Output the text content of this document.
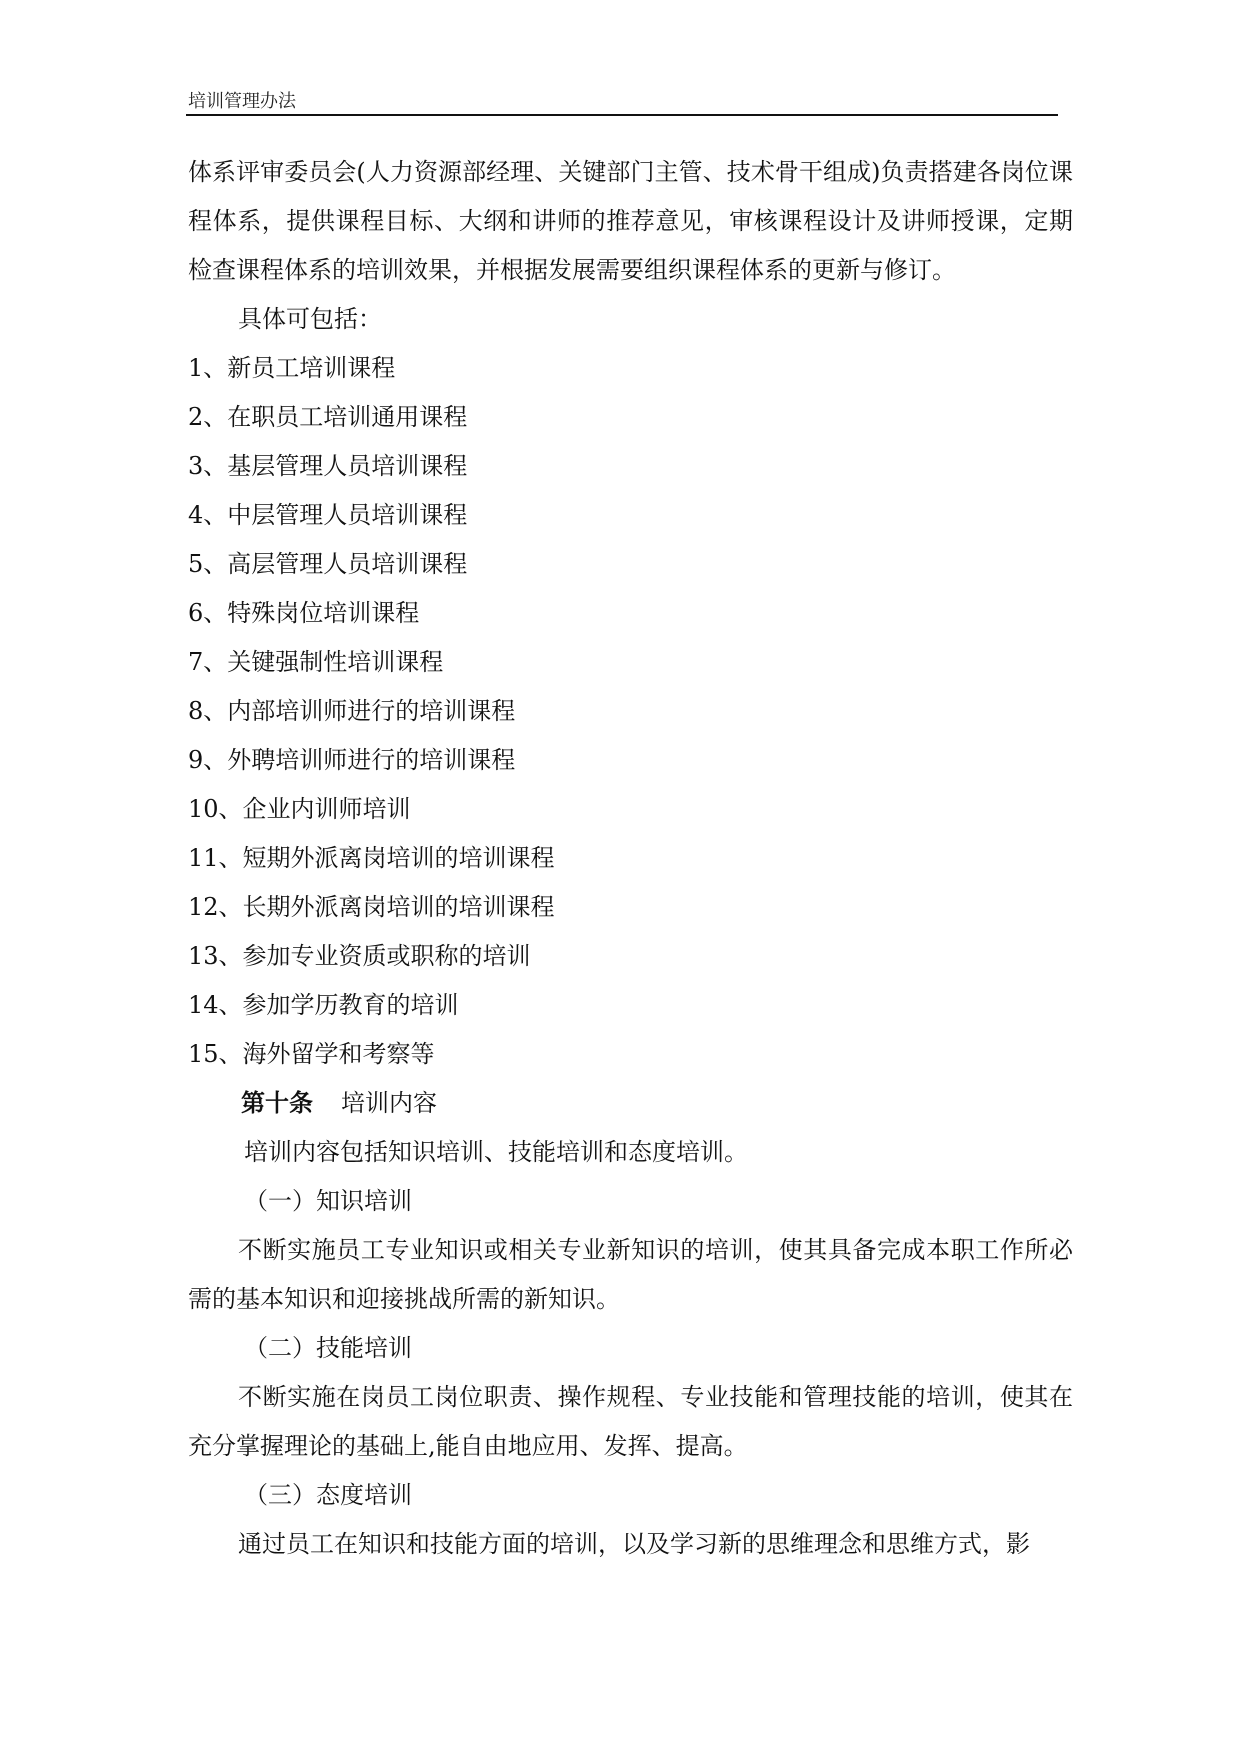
培训管理办法

体系评审委员会(人力资源部经理、关键部门主管、技术骨干组成)负责搭建各岗位课程体系，提供课程目标、大纲和讲师的推荐意见，审核课程设计及讲师授课，定期检查课程体系的培训效果，并根据发展需要组织课程体系的更新与修订。

具体可包括：

1、新员工培训课程
2、在职员工培训通用课程
3、基层管理人员培训课程
4、中层管理人员培训课程
5、高层管理人员培训课程
6、特殊岗位培训课程
7、关键强制性培训课程
8、内部培训师进行的培训课程
9、外聘培训师进行的培训课程
10、企业内训师培训
11、短期外派离岗培训的培训课程
12、长期外派离岗培训的培训课程
13、参加专业资质或职称的培训
14、参加学历教育的培训
15、海外留学和考察等

第十条 培训内容

培训内容包括知识培训、技能培训和态度培训。

（一）知识培训

不断实施员工专业知识或相关专业新知识的培训，使其具备完成本职工作所必需的基本知识和迎接挑战所需的新知识。

（二）技能培训

不断实施在岗员工岗位职责、操作规程、专业技能和管理技能的培训，使其在充分掌握理论的基础上,能自由地应用、发挥、提高。

（三）态度培训

通过员工在知识和技能方面的培训，以及学习新的思维理念和思维方式，影
